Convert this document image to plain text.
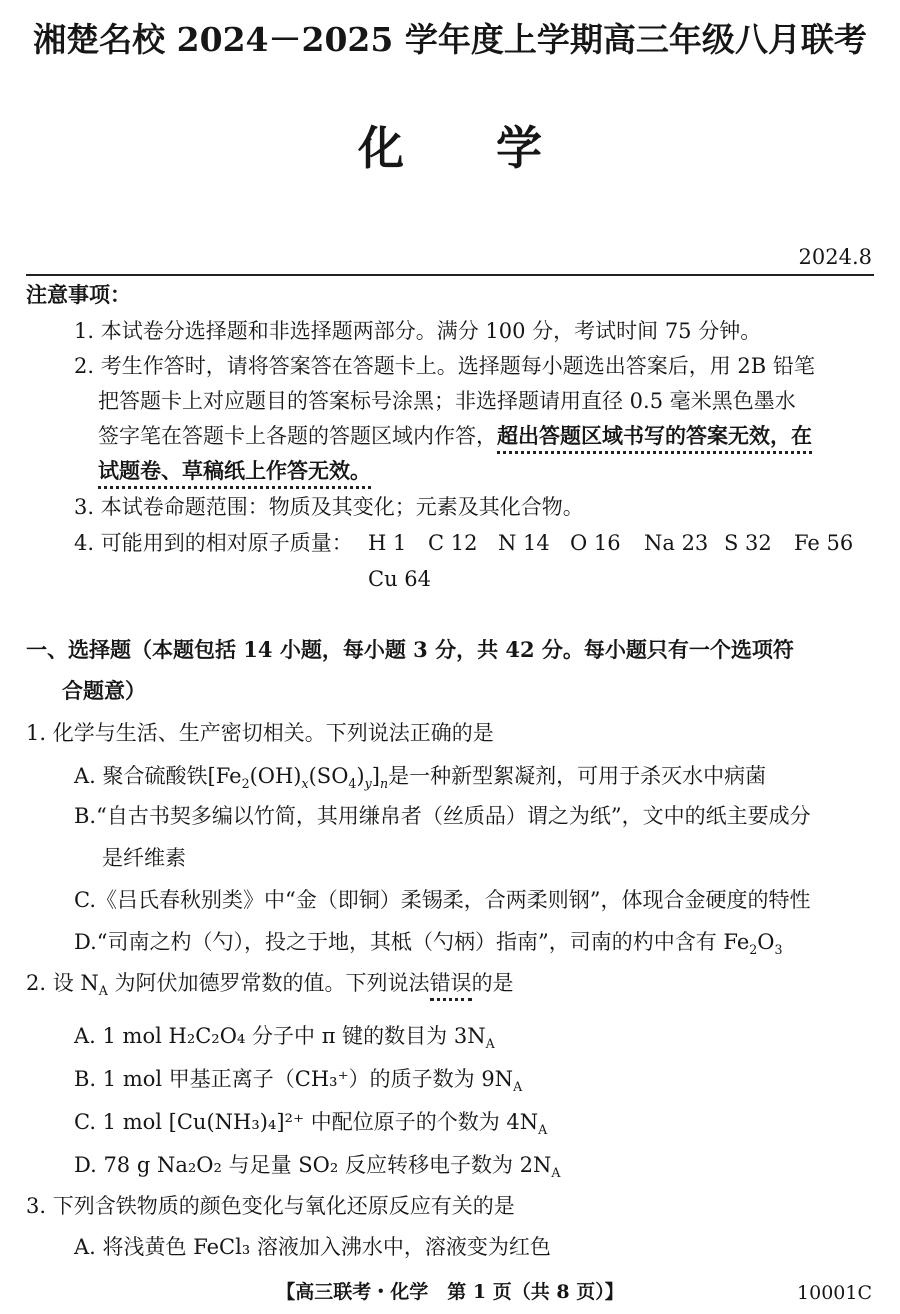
湘楚名校 2024－2025 学年度上学期高三年级八月联考
化　　学
2024.8
注意事项：
1. 本试卷分选择题和非选择题两部分。满分 100 分，考试时间 75 分钟。
2. 考生作答时，请将答案答在答题卡上。选择题每小题选出答案后，用 2B 铅笔
把答题卡上对应题目的答案标号涂黑；非选择题请用直径 0.5 毫米黑色墨水
签字笔在答题卡上各题的答题区域内作答，超出答题区域书写的答案无效，在
试题卷、草稿纸上作答无效。
3. 本试卷命题范围：物质及其变化；元素及其化合物。
4. 可能用到的相对原子质量： H 1 C 12 N 14 O 16 Na 23 S 32 Fe 56
Cu 64
一、选择题（本题包括 14 小题，每小题 3 分，共 42 分。每小题只有一个选项符
合题意）
1. 化学与生活、生产密切相关。下列说法正确的是
A. 聚合硫酸铁$[Fe_2(OH)_x(SO_4)_y]_n$是一种新型絮凝剂，可用于杀灭水中病菌
B.“自古书契多编以竹简，其用缣帛者（丝质品）谓之为纸”，文中的纸主要成分
是纤维素
C.《吕氏春秋别类》中“金（即铜）柔锡柔，合两柔则钢”，体现合金硬度的特性
D.“司南之杓（勺），投之于地，其柢（勺柄）指南”，司南的杓中含有 $Fe_2O_3$
2. 设 $N_A$ 为阿伏加德罗常数的值。下列说法错误的是
A. 1 mol H₂C₂O₄ 分子中 π 键的数目为 $3N_A$
B. 1 mol 甲基正离子（CH₃⁺）的质子数为 $9N_A$
C. 1 mol [Cu(NH₃)₄]²⁺ 中配位原子的个数为 $4N_A$
D. 78 g Na₂O₂ 与足量 SO₂ 反应转移电子数为 $2N_A$
3. 下列含铁物质的颜色变化与氧化还原反应有关的是
A. 将浅黄色 FeCl₃ 溶液加入沸水中，溶液变为红色
【高三联考・化学　第 1 页（共 8 页）】	10001C
